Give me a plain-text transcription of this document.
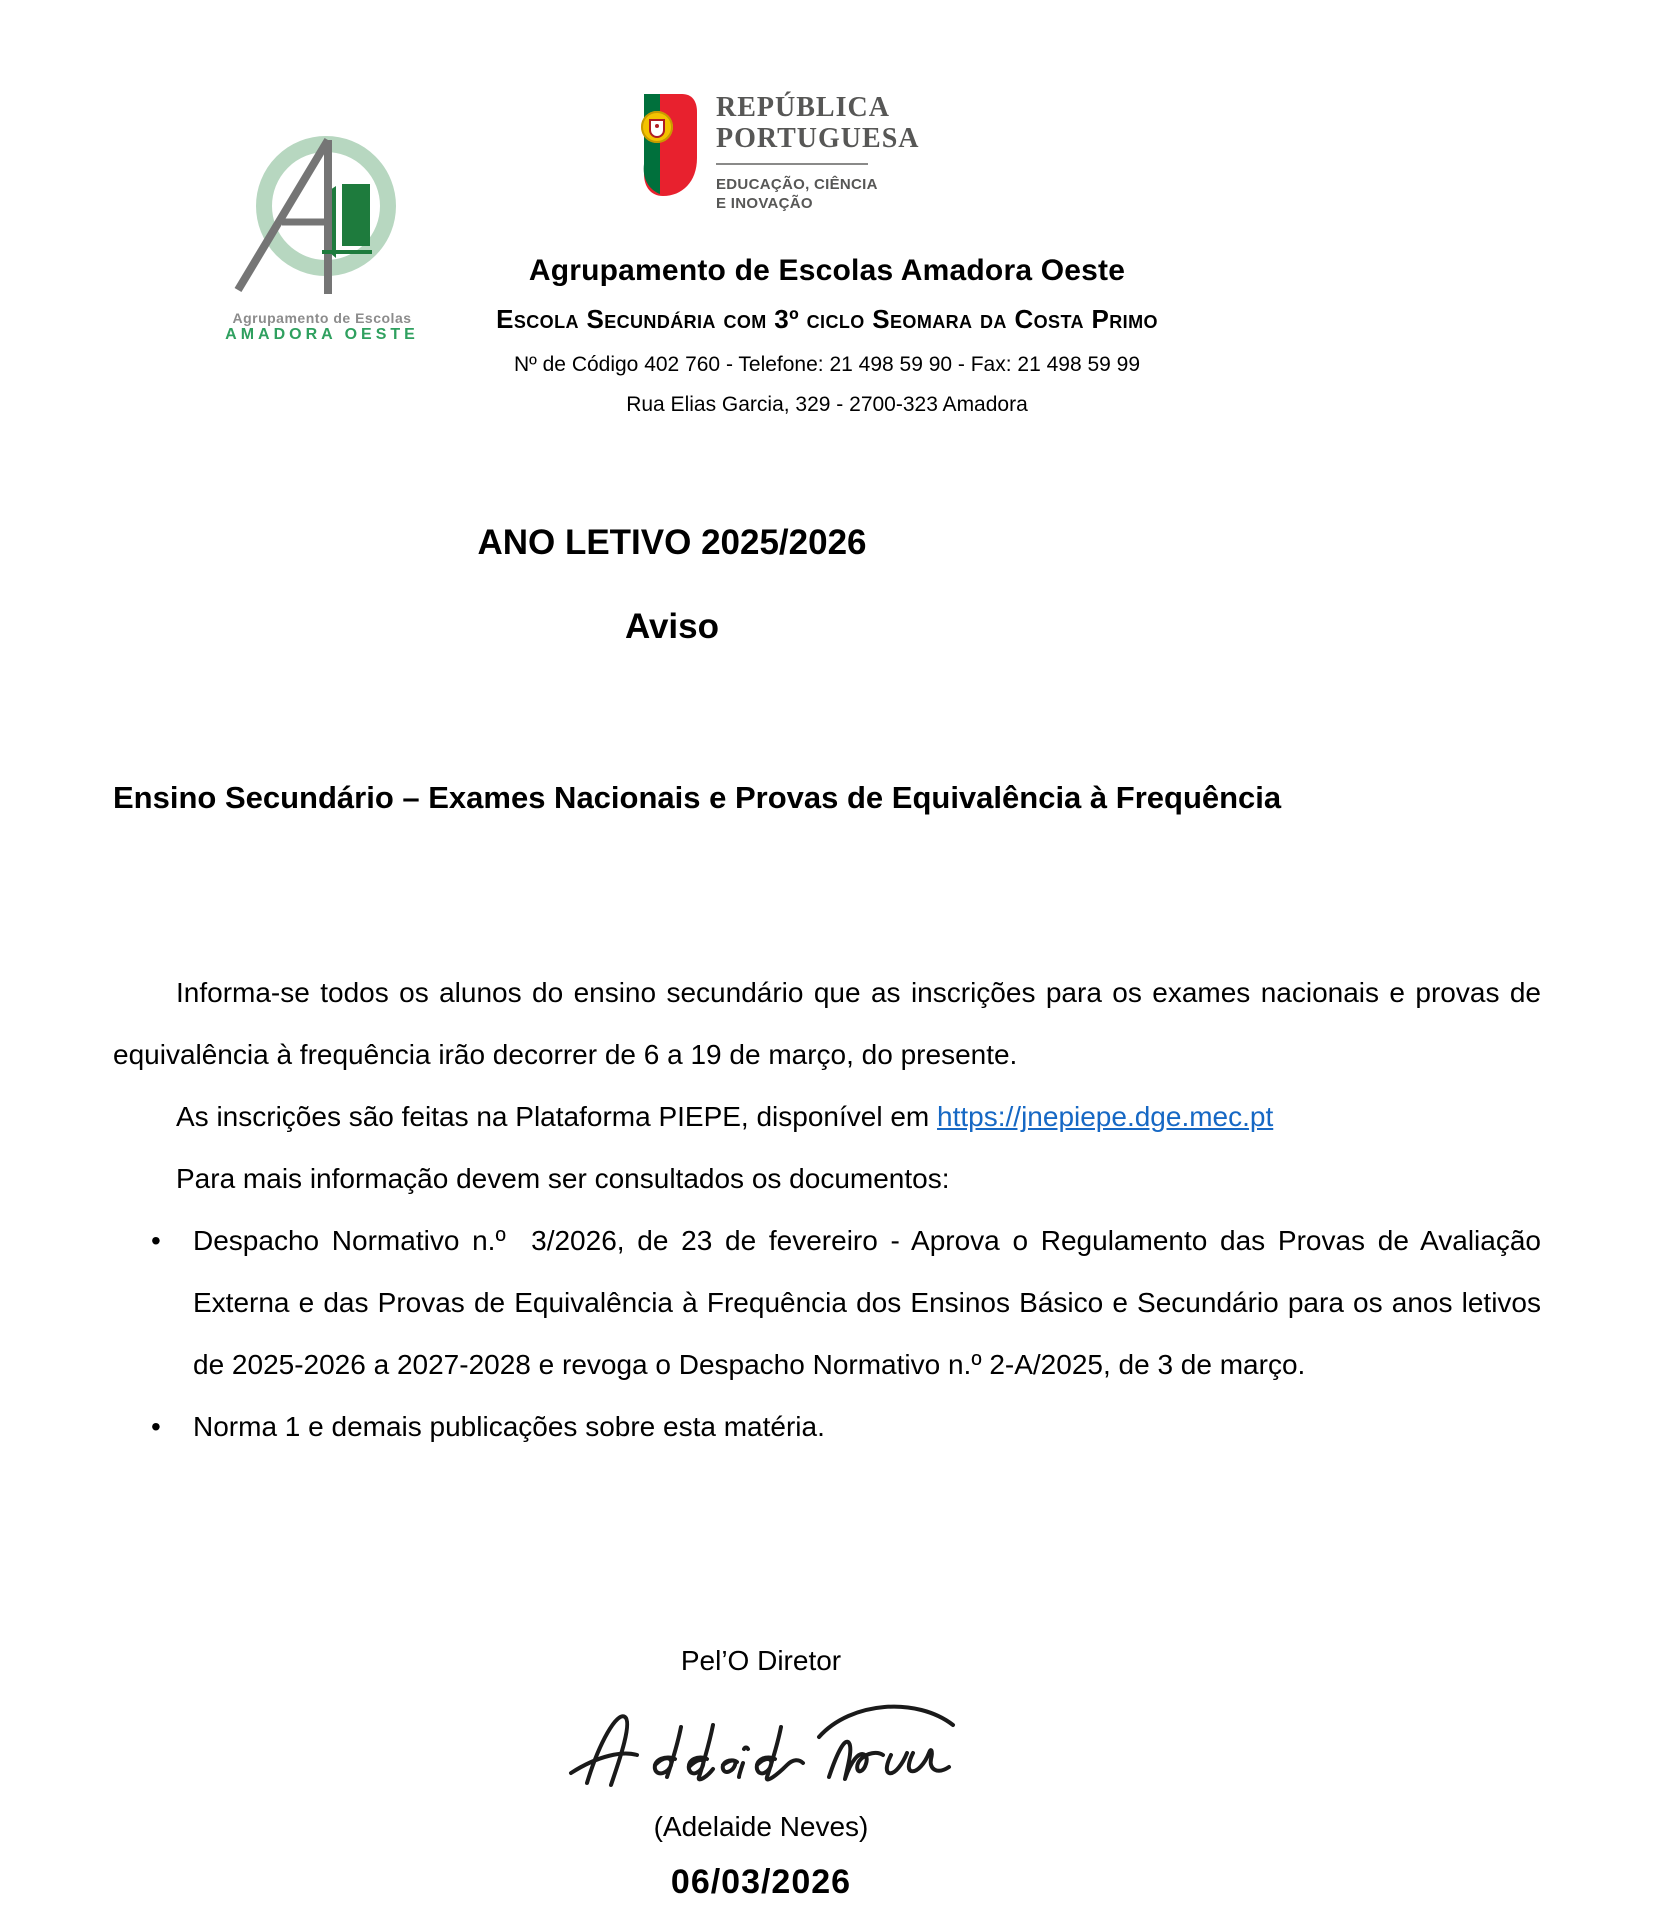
Agrupamento de Escolas
AMADORA OESTE
REPÚBLICA
PORTUGUESA
EDUCAÇÃO, CIÊNCIA
E INOVAÇÃO
Agrupamento de Escolas Amadora Oeste
Escola Secundária com 3º ciclo Seomara da Costa Primo
Nº de Código 402 760 - Telefone: 21 498 59 90 - Fax: 21 498 59 99
Rua Elias Garcia, 329 - 2700-323 Amadora
ANO LETIVO 2025/2026
Aviso
Ensino Secundário – Exames Nacionais e Provas de Equivalência à Frequência

Informa-se todos os alunos do ensino secundário que as inscrições para os exames nacionais e provas de equivalência à frequência irão decorrer de 6 a 19 de março, do presente.

As inscrições são feitas na Plataforma PIEPE, disponível em https://jnepiepe.dge.mec.pt

Para mais informação devem ser consultados os documentos:

• Despacho Normativo n.º  3/2026, de 23 de fevereiro - Aprova o Regulamento das Provas de Avaliação Externa e das Provas de Equivalência à Frequência dos Ensinos Básico e Secundário para os anos letivos de 2025-2026 a 2027-2028 e revoga o Despacho Normativo n.º 2-A/2025, de 3 de março.
• Norma 1 e demais publicações sobre esta matéria.
Pel’O Diretor
(Adelaide Neves)
06/03/2026
